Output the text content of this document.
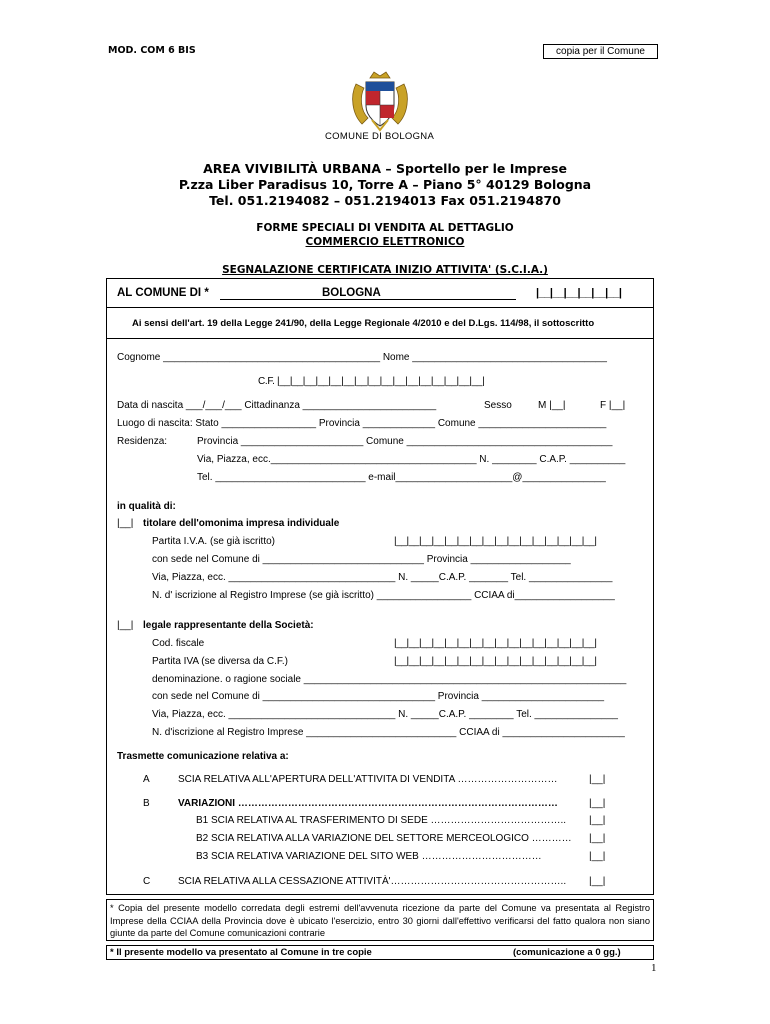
MOD. COM 6 BIS	copia per il Comune
COMUNE DI BOLOGNA
AREA VIVIBILITÀ URBANA – Sportello per le Imprese
P.zza Liber Paradisus 10, Torre A – Piano 5° 40129 Bologna
Tel. 051.2194082 – 051.2194013 Fax 051.2194870
FORME SPECIALI DI VENDITA AL DETTAGLIO
COMMERCIO ELETTRONICO
SEGNALAZIONE CERTIFICATA INIZIO ATTIVITA' (S.C.I.A.)
AL COMUNE DI *	BOLOGNA	|__|__|__|__|__|__|
Ai sensi dell'art. 19 della Legge 241/90, della Legge Regionale 4/2010 e del D.Lgs. 114/98, il sottoscritto
Cognome _______________________________________ Nome ___________________________________
C.F. |__|__|__|__|__|__|__|__|__|__|__|__|__|__|__|__|
Data di nascita ___/___/___ Cittadinanza ________________________	Sesso	M |__|	F |__|
Luogo di nascita: Stato _________________ Provincia _____________ Comune _______________________
Residenza:	Provincia ______________________ Comune _____________________________________
Via, Piazza, ecc._____________________________________ N. ________ C.A.P. __________
Tel. ___________________________ e-mail_____________________@_______________
in qualità di:
|__| titolare dell'omonima impresa individuale
Partita I.V.A. (se già iscritto)	|__|__|__|__|__|__|__|__|__|__|__|__|__|__|__|__|
con sede nel Comune di _____________________________ Provincia __________________
Via, Piazza, ecc. ______________________________ N. _____C.A.P. _______ Tel. _______________
N. d' iscrizione al Registro Imprese (se già iscritto) _________________ CCIAA di__________________
|__| legale rappresentante della Società:
Cod. fiscale	|__|__|__|__|__|__|__|__|__|__|__|__|__|__|__|__|
Partita IVA (se diversa da C.F.)	|__|__|__|__|__|__|__|__|__|__|__|__|__|__|__|__|
denominazione. o ragione sociale __________________________________________________________
con sede nel Comune di _______________________________ Provincia ______________________
Via, Piazza, ecc. ______________________________ N. _____C.A.P. ________ Tel. _______________
N. d'iscrizione al Registro Imprese ___________________________ CCIAA di ______________________
Trasmette comunicazione relativa a:
A	SCIA RELATIVA ALL'APERTURA DELL'ATTIVITA DI VENDITA …………………………	|__|
B	VARIAZIONI ……………………………………………………………………………………	|__|
B1 SCIA RELATIVA AL TRASFERIMENTO DI SEDE ………………………………….. |__|
B2 SCIA RELATIVA ALLA VARIAZIONE DEL SETTORE MERCEOLOGICO ………… |__|
B3 SCIA RELATIVA VARIAZIONE DEL SITO WEB ………………………………	|__|
C	SCIA RELATIVA ALLA CESSAZIONE ATTIVITÀ'…………………………………………….. |__|
* Copia del presente modello corredata degli estremi dell'avvenuta ricezione da parte del Comune va presentata al Registro Imprese della CCIAA della Provincia dove è ubicato l'esercizio, entro 30 giorni dall'effettivo verificarsi del fatto qualora non siano giunte da parte del Comune comunicazioni contrarie
* Il presente modello va presentato al Comune in tre copie	(comunicazione a 0 gg.)
1
